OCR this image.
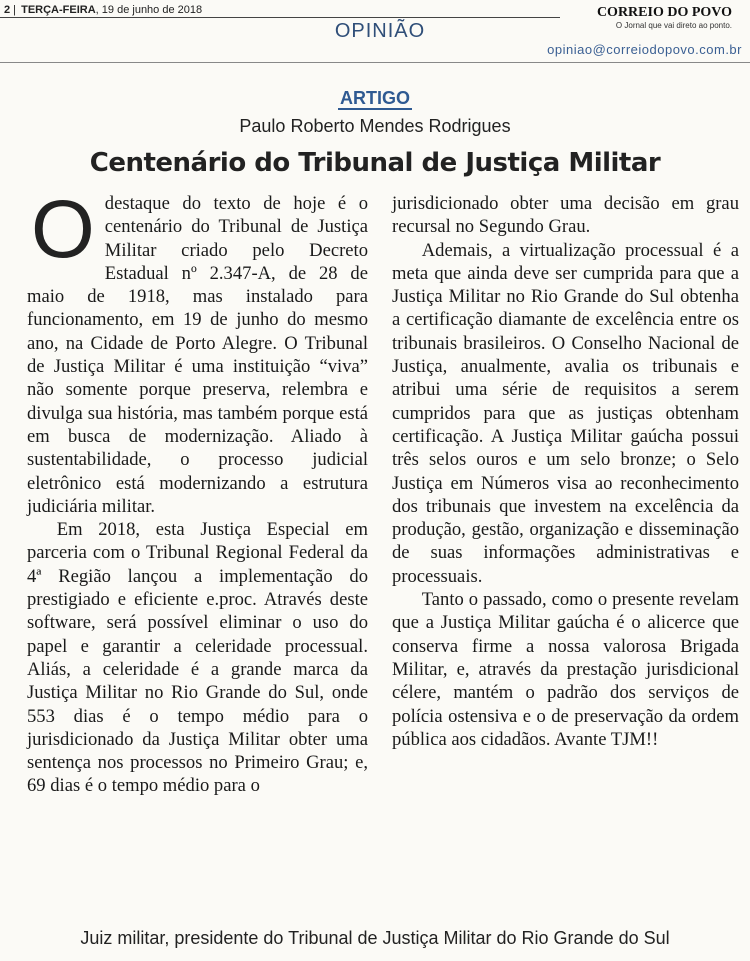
2 | TERÇA-FEIRA, 19 de junho de 2018
OPINIÃO
CORREIO DO POVO
O Jornal que vai direto ao ponto.
opiniao@correiodopovo.com.br
ARTIGO
Paulo Roberto Mendes Rodrigues
Centenário do Tribunal de Justiça Militar
O destaque do texto de hoje é o centenário do Tribunal de Justiça Militar criado pelo Decreto Estadual nº 2.347-A, de 28 de maio de 1918, mas instalado para funcionamento, em 19 de junho do mesmo ano, na Cidade de Porto Alegre. O Tribunal de Justiça Militar é uma instituição “viva” não somente porque preserva, relembra e divulga sua história, mas também porque está em busca de modernização. Aliado à sustentabilidade, o processo judicial eletrônico está modernizando a estrutura judiciária militar.

Em 2018, esta Justiça Especial em parceria com o Tribunal Regional Federal da 4ª Região lançou a implementação do prestigiado e eficiente e.proc. Através deste software, será possível eliminar o uso do papel e garantir a celeridade processual. Aliás, a celeridade é a grande marca da Justiça Militar no Rio Grande do Sul, onde 553 dias é o tempo médio para o jurisdicionado da Justiça Militar obter uma sentença nos processos no Primeiro Grau; e, 69 dias é o tempo médio para o

jurisdicionado obter uma decisão em grau recursal no Segundo Grau.

Ademais, a virtualização processual é a meta que ainda deve ser cumprida para que a Justiça Militar no Rio Grande do Sul obtenha a certificação diamante de excelência entre os tribunais brasileiros. O Conselho Nacional de Justiça, anualmente, avalia os tribunais e atribui uma série de requisitos a serem cumpridos para que as justiças obtenham certificação. A Justiça Militar gaúcha possui três selos ouros e um selo bronze; o Selo Justiça em Números visa ao reconhecimento dos tribunais que investem na excelência da produção, gestão, organização e disseminação de suas informações administrativas e processuais.

Tanto o passado, como o presente revelam que a Justiça Militar gaúcha é o alicerce que conserva firme a nossa valorosa Brigada Militar, e, através da prestação jurisdicional célere, mantém o padrão dos serviços de polícia ostensiva e o de preservação da ordem pública aos cidadãos. Avante TJM!!

Juiz militar, presidente do Tribunal de Justiça Militar do Rio Grande do Sul
